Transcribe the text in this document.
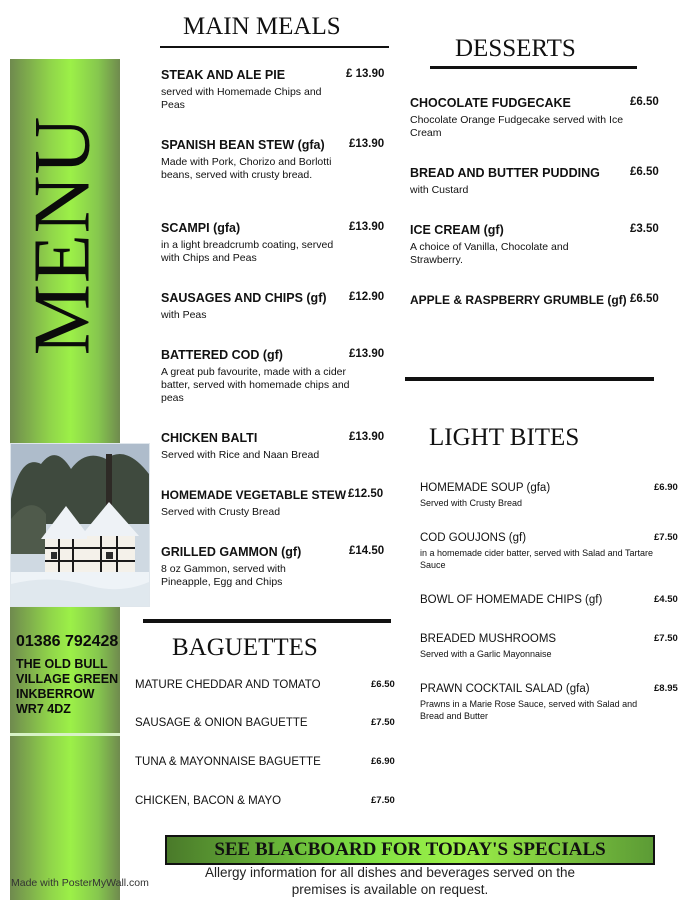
MENU
01386 792428
THE OLD BULL
VILLAGE GREEN
INKBERROW
WR7 4DZ
MAIN MEALS
STEAK AND ALE PIE	£ 13.90
served with Homemade Chips and Peas
SPANISH BEAN STEW (gfa)	£13.90
Made with Pork, Chorizo and Borlotti beans, served with crusty bread.
SCAMPI (gfa)	£13.90
in a light breadcrumb coating, served with Chips and Peas
SAUSAGES AND CHIPS (gf)	£12.90
with Peas
BATTERED COD (gf)	£13.90
A great pub favourite, made with a cider batter, served with homemade chips and peas
CHICKEN BALTI	£13.90
Served with Rice and Naan Bread
HOMEMADE VEGETABLE STEW £12.50
Served with Crusty Bread
GRILLED GAMMON (gf)	£14.50
8 oz Gammon, served with Pineapple, Egg and Chips
DESSERTS
CHOCOLATE FUDGECAKE	£6.50
Chocolate Orange Fudgecake served with Ice Cream
BREAD AND BUTTER PUDDING	£6.50
with Custard
ICE CREAM (gf)	£3.50
A choice of Vanilla, Chocolate and Strawberry.
APPLE & RASPBERRY GRUMBLE (gf) £6.50
LIGHT BITES
HOMEMADE SOUP (gfa)	£6.90
Served with Crusty Bread
COD GOUJONS (gf)	£7.50
in a homemade cider batter, served with Salad and Tartare Sauce
BOWL OF HOMEMADE CHIPS (gf)	£4.50
BREADED MUSHROOMS	£7.50
Served with a Garlic Mayonnaise
PRAWN COCKTAIL SALAD (gfa)	£8.95
Prawns in a Marie Rose Sauce, served with Salad and Bread and Butter
BAGUETTES
MATURE CHEDDAR AND TOMATO	£6.50
SAUSAGE & ONION BAGUETTE	£7.50
TUNA & MAYONNAISE BAGUETTE	£6.90
CHICKEN, BACON & MAYO	£7.50
SEE BLACBOARD FOR TODAY'S SPECIALS
Allergy information for all dishes and beverages served on the premises is available on request.
Made with PosterMyWall.com
